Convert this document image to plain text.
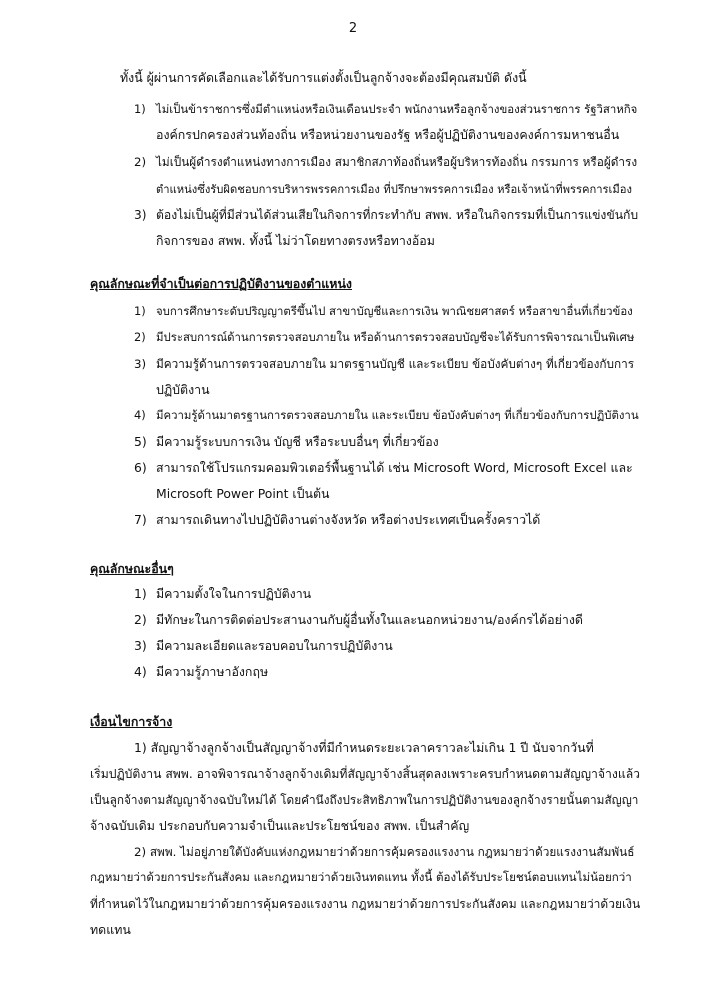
2
ทั้งนี้ ผู้ผ่านการคัดเลือกและได้รับการแต่งตั้งเป็นลูกจ้างจะต้องมีคุณสมบัติ ดังนี้
1) ไม่เป็นข้าราชการซึ่งมีตำแหน่งหรือเงินเดือนประจำ พนักงานหรือลูกจ้างของส่วนราชการ รัฐวิสาหกิจ
องค์กรปกครองส่วนท้องถิ่น หรือหน่วยงานของรัฐ หรือผู้ปฏิบัติงานของคงค์การมหาชนอื่น
2) ไม่เป็นผู้ดำรงตำแหน่งทางการเมือง สมาชิกสภาท้องถิ่นหรือผู้บริหารท้องถิ่น กรรมการ หรือผู้ดำรง
ตำแหน่งซึ่งรับผิดชอบการบริหารพรรคการเมือง ที่ปรึกษาพรรคการเมือง หรือเจ้าหน้าที่พรรคการเมือง
3) ต้องไม่เป็นผู้ที่มีส่วนได้ส่วนเสียในกิจการที่กระทำกับ สพพ. หรือในกิจกรรมที่เป็นการแข่งขันกับ
กิจการของ สพพ. ทั้งนี้ ไม่ว่าโดยทางตรงหรือทางอ้อม
คุณลักษณะที่จำเป็นต่อการปฏิบัติงานของตำแหน่ง
1) จบการศึกษาระดับปริญญาตรีขึ้นไป สาขาบัญชีและการเงิน พาณิชยศาสตร์ หรือสาขาอื่นที่เกี่ยวข้อง
2) มีประสบการณ์ด้านการตรวจสอบภายใน หรือด้านการตรวจสอบบัญชีจะได้รับการพิจารณาเป็นพิเศษ
3) มีความรู้ด้านการตรวจสอบภายใน มาตรฐานบัญชี และระเบียบ ข้อบังคับต่างๆ ที่เกี่ยวข้องกับการ
ปฏิบัติงาน
4) มีความรู้ด้านมาตรฐานการตรวจสอบภายใน และระเบียบ ข้อบังคับต่างๆ ที่เกี่ยวข้องกับการปฏิบัติงาน
5) มีความรู้ระบบการเงิน บัญชี หรือระบบอื่นๆ ที่เกี่ยวข้อง
6) สามารถใช้โปรแกรมคอมพิวเตอร์พื้นฐานได้ เช่น Microsoft Word, Microsoft Excel และ
Microsoft Power Point เป็นต้น
7) สามารถเดินทางไปปฏิบัติงานต่างจังหวัด หรือต่างประเทศเป็นครั้งคราวได้
คุณลักษณะอื่นๆ
1) มีความตั้งใจในการปฏิบัติงาน
2) มีทักษะในการติดต่อประสานงานกับผู้อื่นทั้งในและนอกหน่วยงาน/องค์กรได้อย่างดี
3) มีความละเอียดและรอบคอบในการปฏิบัติงาน
4) มีความรู้ภาษาอังกฤษ
เงื่อนไขการจ้าง
1) สัญญาจ้างลูกจ้างเป็นสัญญาจ้างที่มีกำหนดระยะเวลาคราวละไม่เกิน 1 ปี นับจากวันที่
เริ่มปฏิบัติงาน สพพ. อาจพิจารณาจ้างลูกจ้างเดิมที่สัญญาจ้างสิ้นสุดลงเพราะครบกำหนดตามสัญญาจ้างแล้ว
เป็นลูกจ้างตามสัญญาจ้างฉบับใหม่ได้ โดยคำนึงถึงประสิทธิภาพในการปฏิบัติงานของลูกจ้างรายนั้นตามสัญญา
จ้างฉบับเดิม ประกอบกับความจำเป็นและประโยชน์ของ สพพ. เป็นสำคัญ
2) สพพ. ไม่อยู่ภายใต้บังคับแห่งกฎหมายว่าด้วยการคุ้มครองแรงงาน กฎหมายว่าด้วยแรงงานสัมพันธ์
กฎหมายว่าด้วยการประกันสังคม และกฎหมายว่าด้วยเงินทดแทน ทั้งนี้ ต้องได้รับประโยชน์ตอบแทนไม่น้อยกว่า
ที่กำหนดไว้ในกฎหมายว่าด้วยการคุ้มครองแรงงาน กฎหมายว่าด้วยการประกันสังคม และกฎหมายว่าด้วยเงิน
ทดแทน
